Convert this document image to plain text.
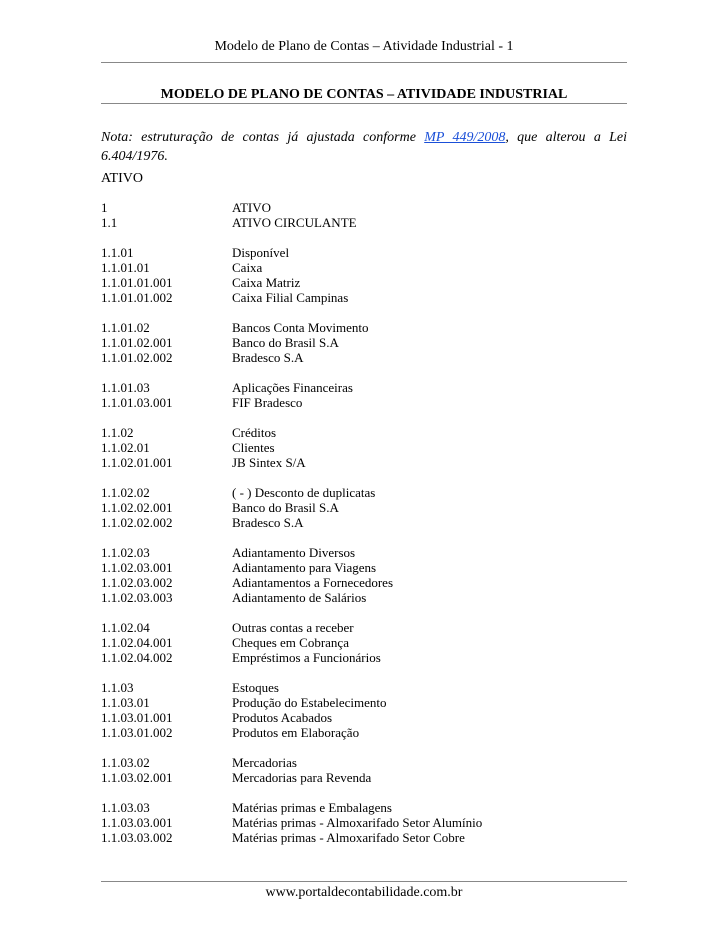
Modelo de Plano de Contas – Atividade Industrial - 1
MODELO DE PLANO DE CONTAS – ATIVIDADE INDUSTRIAL
Nota: estruturação de contas já ajustada conforme MP 449/2008, que alterou a Lei 6.404/1976.
ATIVO
1	ATIVO
1.1	ATIVO CIRCULANTE
1.1.01	Disponível
1.1.01.01	Caixa
1.1.01.01.001	Caixa Matriz
1.1.01.01.002	Caixa Filial Campinas
1.1.01.02	Bancos Conta Movimento
1.1.01.02.001	Banco do Brasil S.A
1.1.01.02.002	Bradesco S.A
1.1.01.03	Aplicações Financeiras
1.1.01.03.001	FIF Bradesco
1.1.02	Créditos
1.1.02.01	Clientes
1.1.02.01.001	JB Sintex S/A
1.1.02.02	( - ) Desconto de duplicatas
1.1.02.02.001	Banco do Brasil S.A
1.1.02.02.002	Bradesco S.A
1.1.02.03	Adiantamento Diversos
1.1.02.03.001	Adiantamento para Viagens
1.1.02.03.002	Adiantamentos a Fornecedores
1.1.02.03.003	Adiantamento de Salários
1.1.02.04	Outras contas a receber
1.1.02.04.001	Cheques em Cobrança
1.1.02.04.002	Empréstimos a Funcionários
1.1.03	Estoques
1.1.03.01	Produção do Estabelecimento
1.1.03.01.001	Produtos Acabados
1.1.03.01.002	Produtos em Elaboração
1.1.03.02	Mercadorias
1.1.03.02.001	Mercadorias para Revenda
1.1.03.03	Matérias primas e Embalagens
1.1.03.03.001	Matérias primas - Almoxarifado Setor Alumínio
1.1.03.03.002	Matérias primas - Almoxarifado Setor Cobre
www.portaldecontabilidade.com.br
